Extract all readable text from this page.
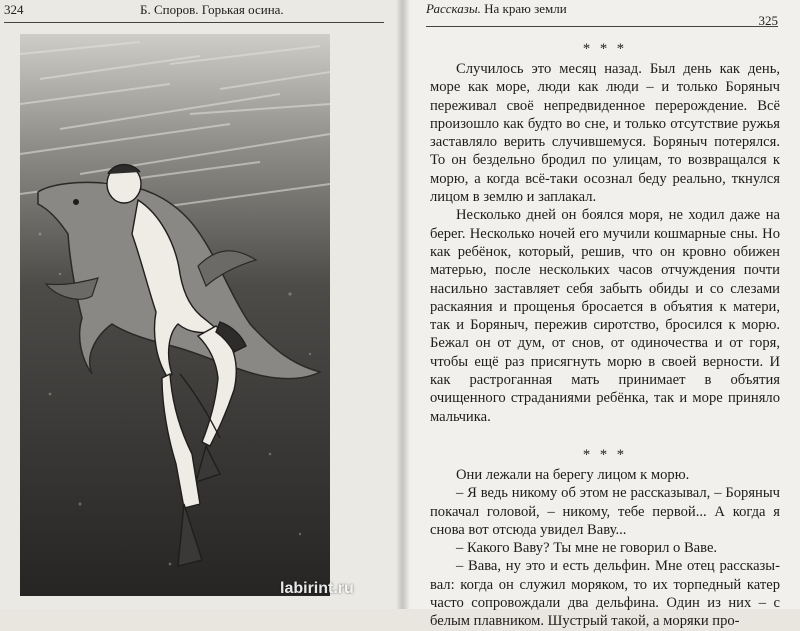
324	Б. Споров. Горькая осина.	Рассказы. На краю земли
325

* * *

Случилось это месяц назад. Был день как день, море как море, люди как люди – и только Боряныч переживал своё непредвиденное перерождение. Всё произошло как будто во сне, и только отсутствие ружья заставляло верить случившемуся. Боряныч потерялся. То он бездельно бродил по улицам, то возвращался к морю, а когда всё-таки осознал беду реально, ткнулся лицом в землю и заплакал.

Несколько дней он боялся моря, не ходил даже на берег. Несколько ночей его мучили кошмарные сны. Но как ребёнок, который, решив, что он кровно обижен матерью, после нескольких часов отчуждения почти насильно заставляет себя забыть обиды и со слезами раскаяния и прощенья бросается в объятия к матери, так и Боряныч, пережив сиротство, бросился к морю. Бежал он от дум, от снов, от одиночества и от горя, чтобы ещё раз присягнуть морю в своей верности. И как растроганная мать принимает в объятия очищенного страданиями ребёнка, так и море приняло мальчика.

* * *

Они лежали на берегу лицом к морю.

– Я ведь никому об этом не рассказывал, – Боряныч покачал головой, – никому, тебе первой... А когда я снова вот отсюда увидел Ваву...

– Какого Ваву? Ты мне не говорил о Ваве.

– Вава, ну это и есть дельфин. Мне отец рассказывал: когда он служил моряком, то их торпедный катер часто сопровождали два дельфина. Один из них – с белым плавником. Шустрый такой, а моряки про-

labirint.ru
